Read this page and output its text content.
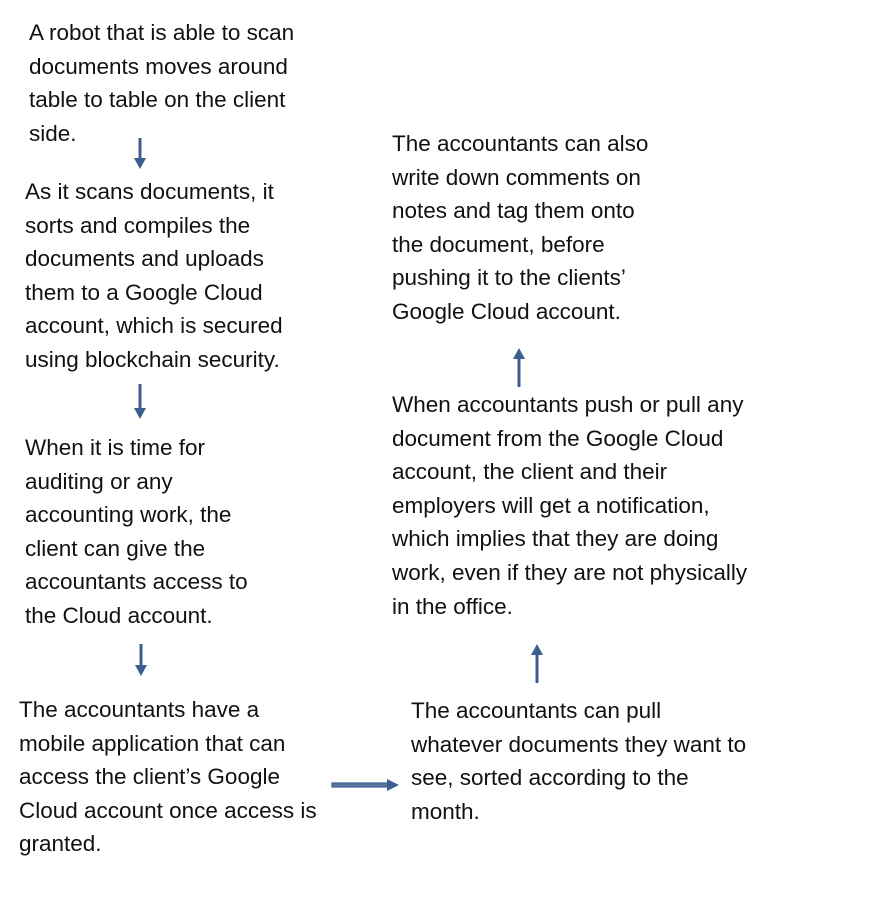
A robot that is able to scan
documents moves around
table to table on the client
side.

As it scans documents, it
sorts and compiles the
documents and uploads
them to a Google Cloud
account, which is secured
using blockchain security.

When it is time for
auditing or any
accounting work, the
client can give the
accountants access to
the Cloud account.

The accountants have a
mobile application that can
access the client’s Google
Cloud account once access is
granted.

The accountants can pull
whatever documents they want to
see, sorted according to the
month.

When accountants push or pull any
document from the Google Cloud
account, the client and their
employers will get a notification,
which implies that they are doing
work, even if they are not physically
in the office.

The accountants can also
write down comments on
notes and tag them onto
the document, before
pushing it to the clients’
Google Cloud account.
